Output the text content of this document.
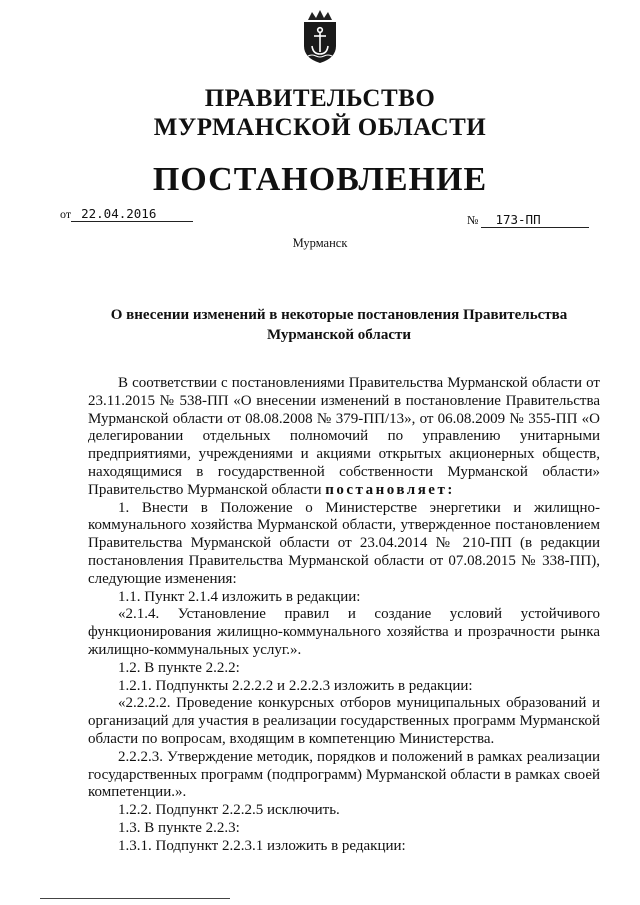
ПРАВИТЕЛЬСТВО
МУРМАНСКОЙ ОБЛАСТИ
ПОСТАНОВЛЕНИЕ
от 22.04.2016	№ 173-ПП
Мурманск
О внесении изменений в некоторые постановления Правительства
Мурманской области

В соответствии с постановлениями Правительства Мурманской области от 23.11.2015 № 538-ПП «О внесении изменений в постановление Правительства Мурманской области от 08.08.2008 № 379-ПП/13», от 06.08.2009 № 355-ПП «О делегировании отдельных полномочий по управлению унитарными предприятиями, учреждениями и акциями открытых акционерных обществ, находящимися в государственной собственности Мурманской области» Правительство Мурманской области постановляет:

1. Внести в Положение о Министерстве энергетики и жилищно-коммунального хозяйства Мурманской области, утвержденное постановлением Правительства Мурманской области от 23.04.2014 № 210-ПП (в редакции постановления Правительства Мурманской области от 07.08.2015 № 338-ПП), следующие изменения:

1.1. Пункт 2.1.4 изложить в редакции:

«2.1.4. Установление правил и создание условий устойчивого функционирования жилищно-коммунального хозяйства и прозрачности рынка жилищно-коммунальных услуг.».

1.2. В пункте 2.2.2:

1.2.1. Подпункты 2.2.2.2 и 2.2.2.3 изложить в редакции:

«2.2.2.2. Проведение конкурсных отборов муниципальных образований и организаций для участия в реализации государственных программ Мурманской области по вопросам, входящим в компетенцию Министерства.

2.2.2.3. Утверждение методик, порядков и положений в рамках реализации государственных программ (подпрограмм) Мурманской области в рамках своей компетенции.».

1.2.2. Подпункт 2.2.2.5 исключить.

1.3. В пункте 2.2.3:

1.3.1. Подпункт 2.2.3.1 изложить в редакции:
